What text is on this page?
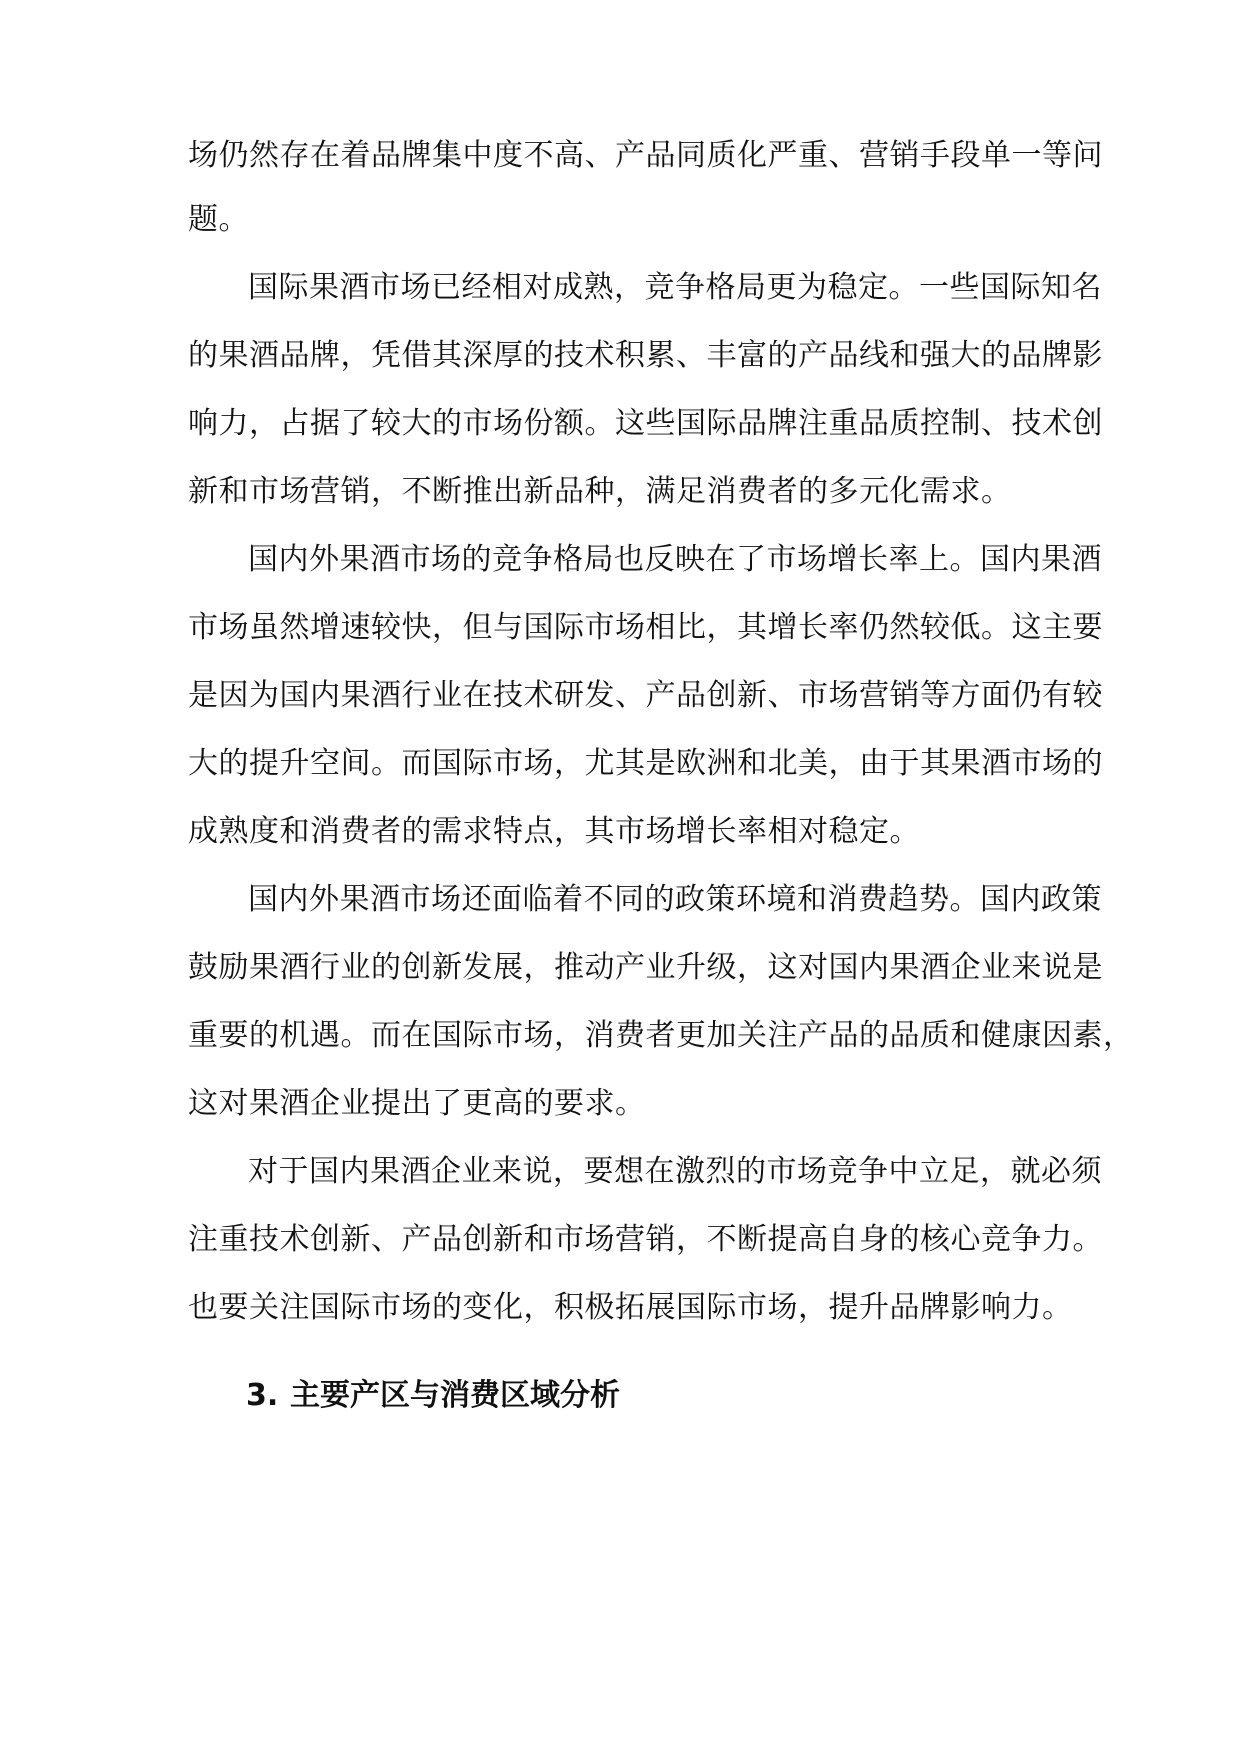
场仍然存在着品牌集中度不高、产品同质化严重、营销手段单一等问
题。
国际果酒市场已经相对成熟，竞争格局更为稳定。一些国际知名
的果酒品牌，凭借其深厚的技术积累、丰富的产品线和强大的品牌影
响力，占据了较大的市场份额。这些国际品牌注重品质控制、技术创
新和市场营销，不断推出新品种，满足消费者的多元化需求。
国内外果酒市场的竞争格局也反映在了市场增长率上。国内果酒
市场虽然增速较快，但与国际市场相比，其增长率仍然较低。这主要
是因为国内果酒行业在技术研发、产品创新、市场营销等方面仍有较
大的提升空间。而国际市场，尤其是欧洲和北美，由于其果酒市场的
成熟度和消费者的需求特点，其市场增长率相对稳定。
国内外果酒市场还面临着不同的政策环境和消费趋势。国内政策
鼓励果酒行业的创新发展，推动产业升级，这对国内果酒企业来说是
重要的机遇。而在国际市场，消费者更加关注产品的品质和健康因素，
这对果酒企业提出了更高的要求。
对于国内果酒企业来说，要想在激烈的市场竞争中立足，就必须
注重技术创新、产品创新和市场营销，不断提高自身的核心竞争力。
也要关注国际市场的变化，积极拓展国际市场，提升品牌影响力。
3. 主要产区与消费区域分析
